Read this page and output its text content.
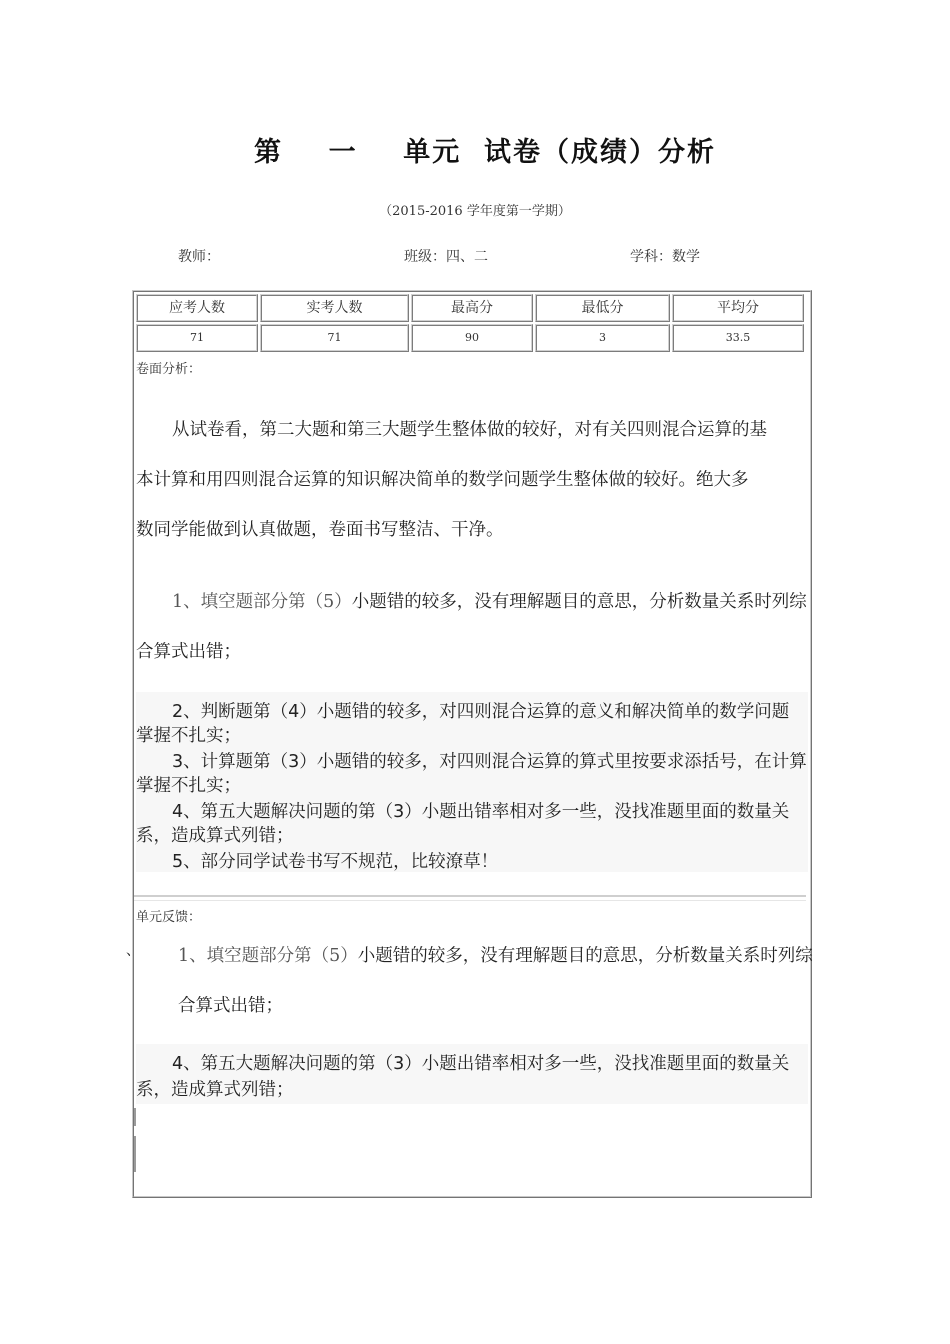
第    一    单元  试卷（成绩）分析
（2015-2016 学年度第一学期）
教师：	班级：四、二	学科：数学
应考人数	实考人数	最高分	最低分	平均分
71	71	90	3	33.5
卷面分析：
从试卷看，第二大题和第三大题学生整体做的较好，对有关四则混合运算的基
本计算和用四则混合运算的知识解决简单的数学问题学生整体做的较好。绝大多
数同学能做到认真做题，卷面书写整洁、干净。
1、填空题部分第（5）小题错的较多，没有理解题目的意思，分析数量关系时列综
合算式出错；
2、判断题第（4）小题错的较多，对四则混合运算的意义和解决简单的数学问题
掌握不扎实；
3、计算题第（3）小题错的较多，对四则混合运算的算式里按要求添括号，在计算
掌握不扎实；
4、第五大题解决问题的第（3）小题出错率相对多一些，没找准题里面的数量关
系，造成算式列错；
5、部分同学试卷书写不规范，比较潦草！
单元反馈：
、 1、填空题部分第（5）小题错的较多，没有理解题目的意思，分析数量关系时列综
合算式出错；
4、第五大题解决问题的第（3）小题出错率相对多一些，没找准题里面的数量关
系，造成算式列错；
